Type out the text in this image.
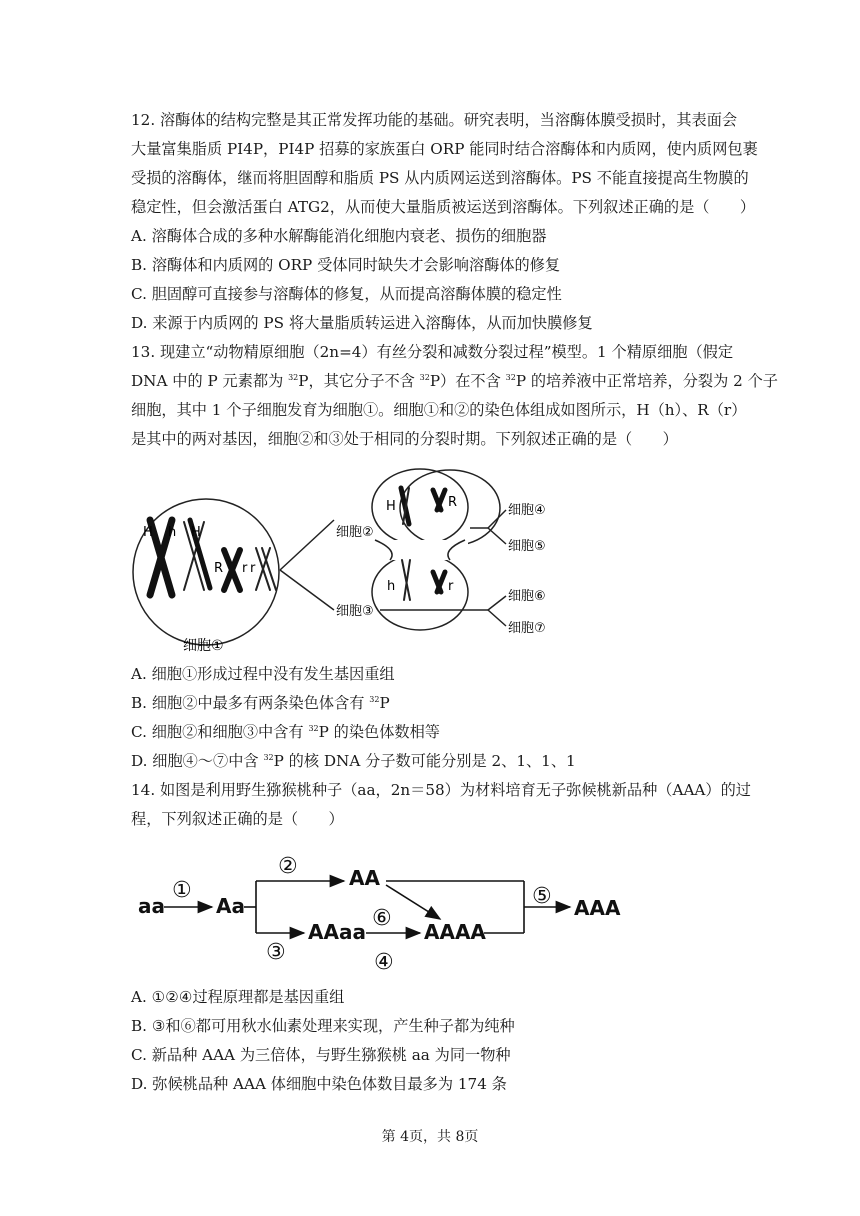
12. 溶酶体的结构完整是其正常发挥功能的基础。研究表明，当溶酶体膜受损时，其表面会
大量富集脂质 PI4P，PI4P 招募的家族蛋白 ORP 能同时结合溶酶体和内质网，使内质网包裹
受损的溶酶体，继而将胆固醇和脂质 PS 从内质网运送到溶酶体。PS 不能直接提高生物膜的
稳定性，但会激活蛋白 ATG2，从而使大量脂质被运送到溶酶体。下列叙述正确的是（　　）
A. 溶酶体合成的多种水解酶能消化细胞内衰老、损伤的细胞器
B. 溶酶体和内质网的 ORP 受体同时缺失才会影响溶酶体的修复
C. 胆固醇可直接参与溶酶体的修复，从而提高溶酶体膜的稳定性
D. 来源于内质网的 PS 将大量脂质转运进入溶酶体，从而加快膜修复
13. 现建立“动物精原细胞（2n=4）有丝分裂和减数分裂过程”模型。1 个精原细胞（假定
DNA 中的 P 元素都为 $^{32}$P，其它分子不含 $^{32}$P）在不含 $^{32}$P 的培养液中正常培养，分裂为 2 个子
细胞，其中 1 个子细胞发育为细胞①。细胞①和②的染色体组成如图所示，H（h）、R（r）
是其中的两对基因，细胞②和③处于相同的分裂时期。下列叙述正确的是（　　）
H h H
R r r
细胞①
细胞②
细胞③
H	R
h	r
细胞④
细胞⑤
细胞⑥
细胞⑦
A. 细胞①形成过程中没有发生基因重组
B. 细胞②中最多有两条染色体含有 $^{32}$P
C. 细胞②和细胞③中含有 $^{32}$P 的染色体数相等
D. 细胞④～⑦中含 $^{32}$P 的核 DNA 分子数可能分别是 2、1、1、1
14. 如图是利用野生猕猴桃种子（aa，2n＝58）为材料培育无子弥候桃新品种（AAA）的过
程，下列叙述正确的是（　　）
aa	Aa
AA
AAaa	AAAA
AAA
①
②
③	④
⑤
⑥
A. ①②④过程原理都是基因重组
B. ③和⑥都可用秋水仙素处理来实现，产生种子都为纯种
C. 新品种 AAA 为三倍体，与野生猕猴桃 aa 为同一物种
D. 弥候桃品种 AAA 体细胞中染色体数目最多为 174 条
第 4页，共 8页
